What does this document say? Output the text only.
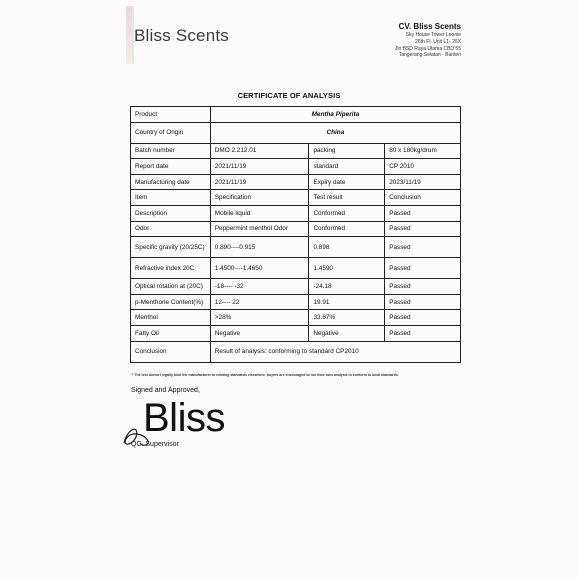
Bliss Scents	CV. Bliss Scents
Sky House Tower Leonie
26th Fl. Unit L1- 26X
Jln BSD Raya Utama CBD 55
Tangerang Selatan - Banten
CERTIFICATE OF ANALYSIS
Product	Mentha Piperita		
Country of Origin	China		
Batch number	DMO 2.212.01	packing	80 x 180kg/drum
Report date	2021/11/19	standard	CP 2010
Manufacturing date	2021/11/19	Expiry date	2023/11/19
Item	Specification	Test result	Conclusion
Description	Mobile liquid	Conformed	Passed
Odor	Peppermint menthol Odor	Conformed	Passed
Specific gravity (20/25C)	0.890----0.915	0.898	Passed
Refractive index 20C	1.4500----1.4650	1.4590	Passed
Optical rotation at (20C)	-18---- -32	-24.18	Passed
p-Menthone Content(%)	12---- 22	19.91	Passed
Menthol	>28%	33.67%	Passed
Fatty Oil	Negative	Negative	Passed
Conclusion	Result of analysis: conforming to standard CP2010		
* The test doesn't legally bind the manufacturer to existing standards elsewhere, buyers are encouraged to run their own analysis to conform to local standards.
Signed and Approved,
Bliss
QC. Supervisor
